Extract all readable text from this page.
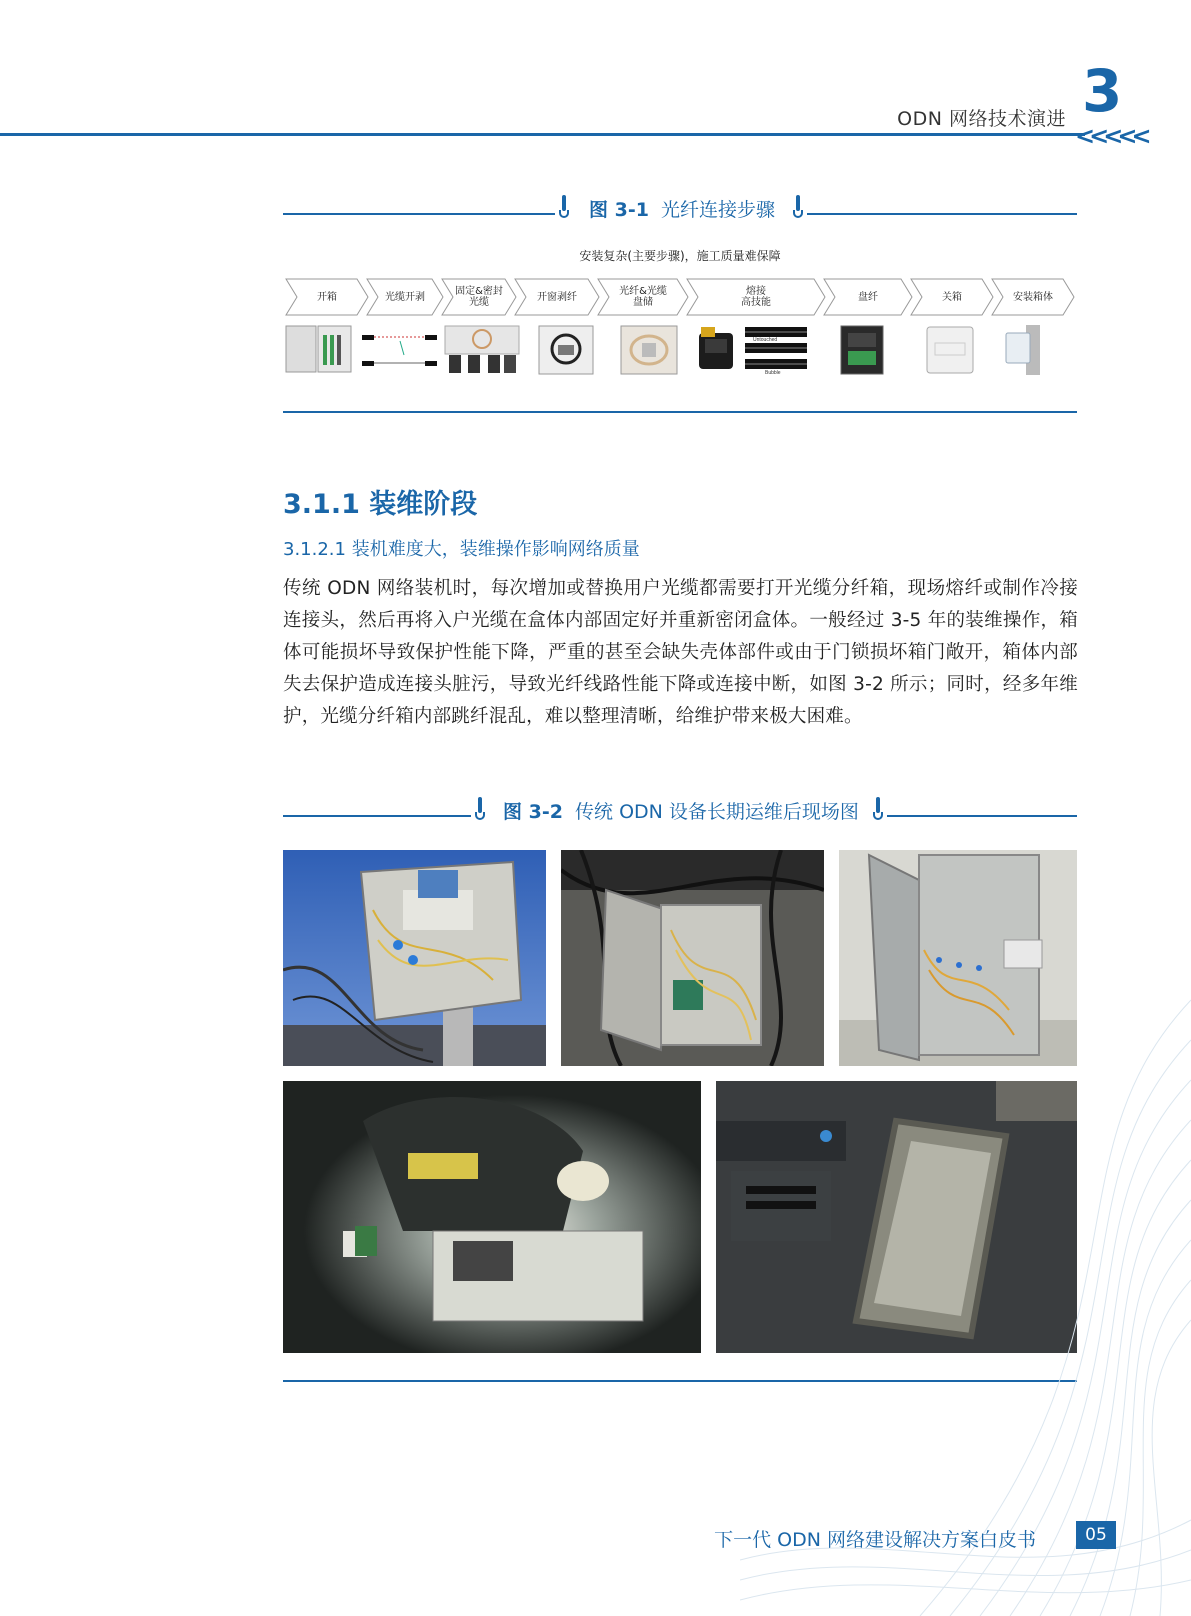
ODN 网络技术演进 3
<<<<<
图 3-1 光纤连接步骤
安装复杂(主要步骤)，施工质量难保障
开箱	光缆开剥	固定&密封
光缆	开窗剥纤	光纤&光缆
盘储
熔接
高技能	盘纤	关箱	安装箱体
Untouched
Bubble
3.1.1 装维阶段
3.1.2.1 装机难度大，装维操作影响网络质量
传统 ODN 网络装机时，每次增加或替换用户光缆都需要打开光缆分纤箱，现场熔纤或制作冷接连接头，然后再将入户光缆在盒体内部固定好并重新密闭盒体。一般经过 3-5 年的装维操作，箱体可能损坏导致保护性能下降，严重的甚至会缺失壳体部件或由于门锁损坏箱门敞开，箱体内部失去保护造成连接头脏污，导致光纤线路性能下降或连接中断，如图 3-2 所示；同时，经多年维护，光缆分纤箱内部跳纤混乱，难以整理清晰，给维护带来极大困难。
图 3-2 传统 ODN 设备长期运维后现场图
下一代 ODN 网络建设解决方案白皮书	05
